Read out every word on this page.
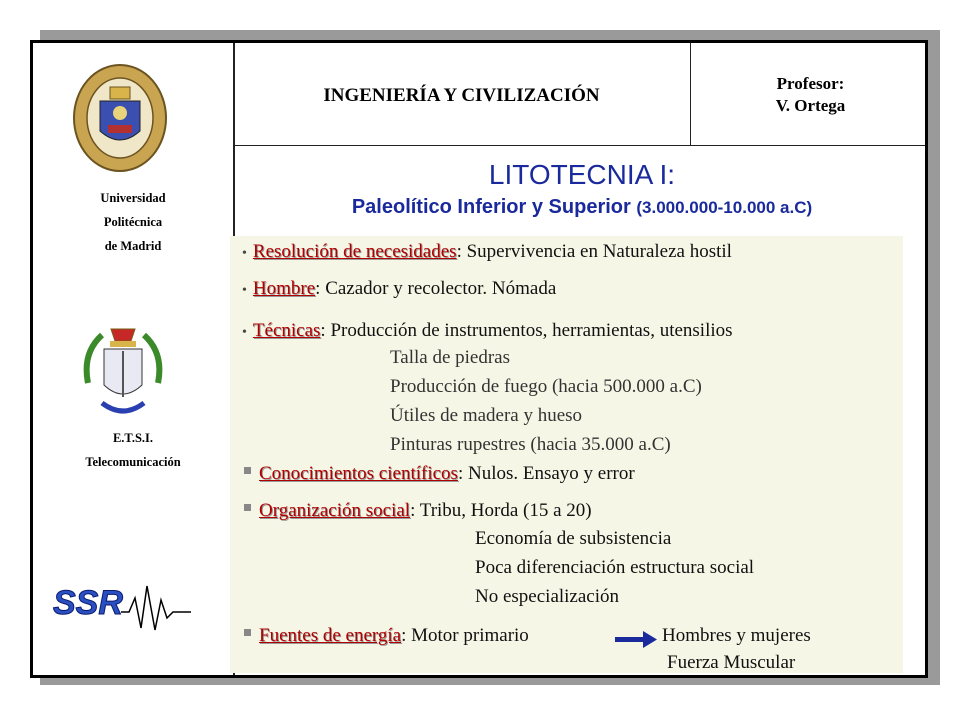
INGENIERÍA Y CIVILIZACIÓN
Profesor:
V. Ortega
Universidad
Politécnica
de Madrid
E.T.S.I.
Telecomunicación
SSR
LITOTECNIA I:
Paleolítico Inferior y Superior (3.000.000-10.000 a.C)
• Resolución de necesidades: Supervivencia en Naturaleza hostil
• Hombre: Cazador y recolector. Nómada
• Técnicas: Producción de instrumentos, herramientas, utensilios
Talla de piedras
Producción de fuego (hacia 500.000 a.C)
Útiles de madera y hueso
Pinturas rupestres (hacia 35.000 a.C)
Conocimientos científicos: Nulos. Ensayo y error
Organización social: Tribu, Horda (15 a 20)
Economía de subsistencia
Poca diferenciación estructura social
No especialización
Fuentes de energía: Motor primario	Hombres y mujeres
Fuerza Muscular
